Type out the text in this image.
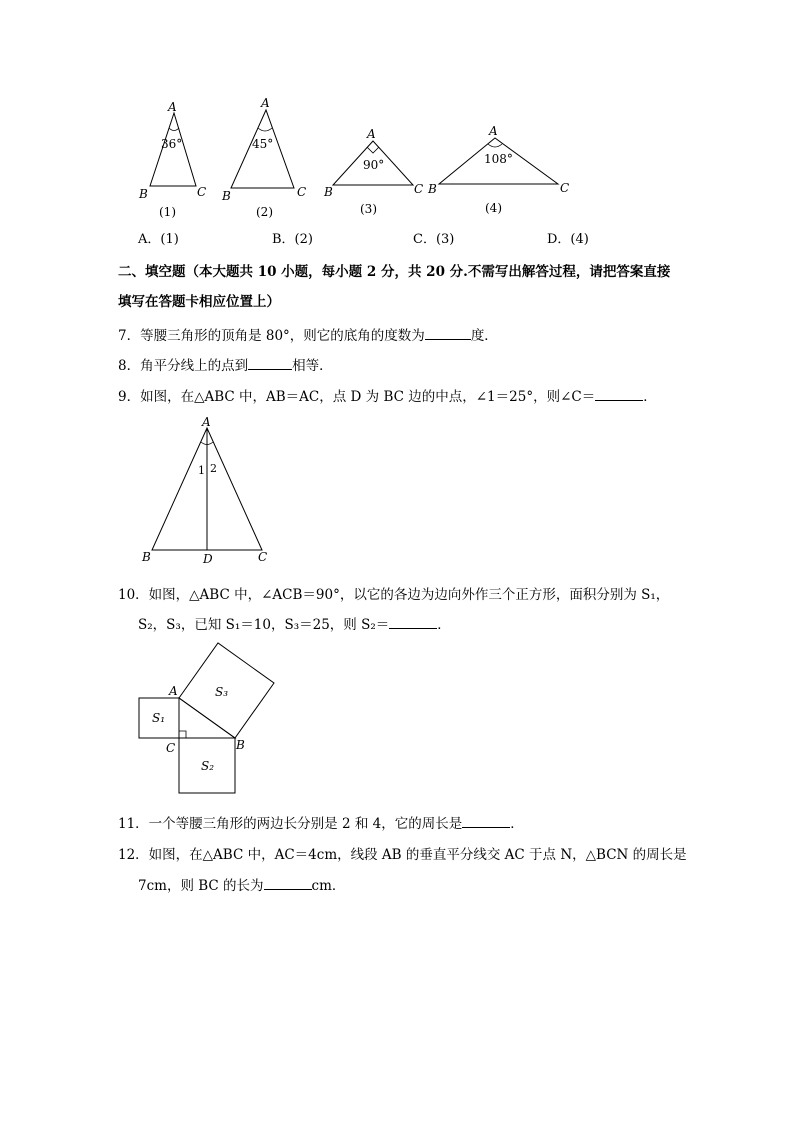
A
B	C
36°
(1)
A
B	C
45°
(2)
A
B	C
90°
(3)
A
B	C
108°
(4)
A．(1)	B．(2)	C．(3)	D．(4)
二、填空题（本大题共 10 小题，每小题 2 分，共 20 分.不需写出解答过程，请把答案直接
填写在答题卡相应位置上）
7．等腰三角形的顶角是 80°，则它的底角的度数为	度．
8．角平分线上的点到	相等．
9．如图，在△ABC 中，AB＝AC，点 D 为 BC 边的中点，∠1＝25°，则∠C＝	．
A
B	C
D
1 2
10．如图，△ABC 中，∠ACB＝90°，以它的各边为边向外作三个正方形，面积分别为 S₁，
S₂，S₃，已知 S₁＝10，S₃＝25，则 S₂＝	．
A
B
C
S₁
S₂
S₃
11．一个等腰三角形的两边长分别是 2 和 4，它的周长是	．
12．如图，在△ABC 中，AC＝4cm，线段 AB 的垂直平分线交 AC 于点 N，△BCN 的周长是
7cm，则 BC 的长为	cm．
